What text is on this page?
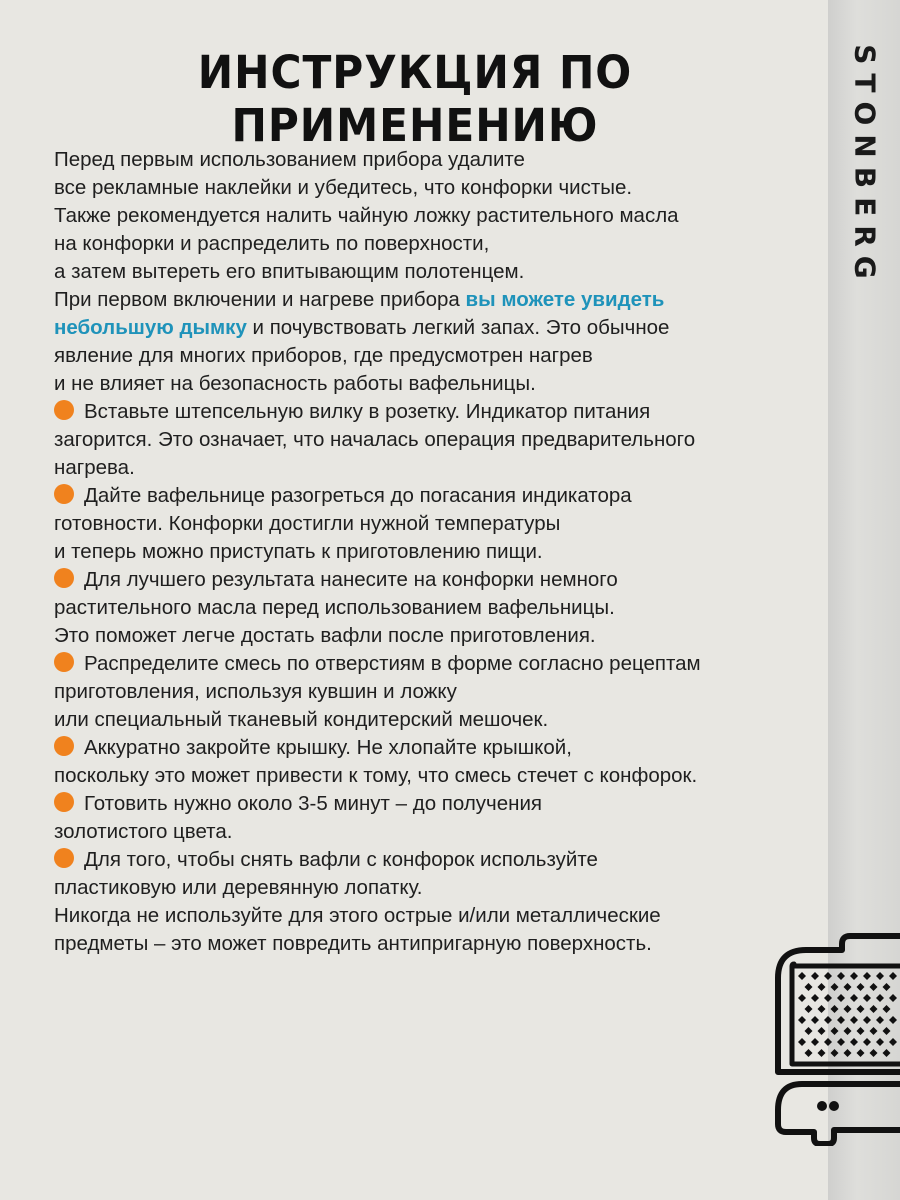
STONBERG
ИНСТРУКЦИЯ ПО ПРИМЕНЕНИЮ

Перед первым использованием прибора удалите
все рекламные наклейки и убедитесь, что конфорки чистые.
Также рекомендуется налить чайную ложку растительного масла
на конфорки и распределить по поверхности,

а затем вытереть его впитывающим полотенцем.

При первом включении и нагреве прибора вы можете увидеть
небольшую дымку и почувствовать легкий запах. Это обычное
явление для многих приборов, где предусмотрен нагрев
и не влияет на безопасность работы вафельницы.

Вставьте штепсельную вилку в розетку. Индикатор питания
загорится. Это означает, что началась операция предварительного
нагрева.

Дайте вафельнице разогреться до погасания индикатора
готовности. Конфорки достигли нужной температуры
и теперь можно приступать к приготовлению пищи.

Для лучшего результата нанесите на конфорки немного
растительного масла перед использованием вафельницы.
Это поможет легче достать вафли после приготовления.

Распределите смесь по отверстиям в форме согласно рецептам
приготовления, используя кувшин и ложку
или специальный тканевый кондитерский мешочек.

Аккуратно закройте крышку. Не хлопайте крышкой,
поскольку это может привести к тому, что смесь стечет с конфорок.

Готовить нужно около 3-5 минут – до получения
золотистого цвета.

Для того, чтобы снять вафли с конфорок используйте
пластиковую или деревянную лопатку.
Никогда не используйте для этого острые и/или металлические
предметы – это может повредить антипригарную поверхность.
